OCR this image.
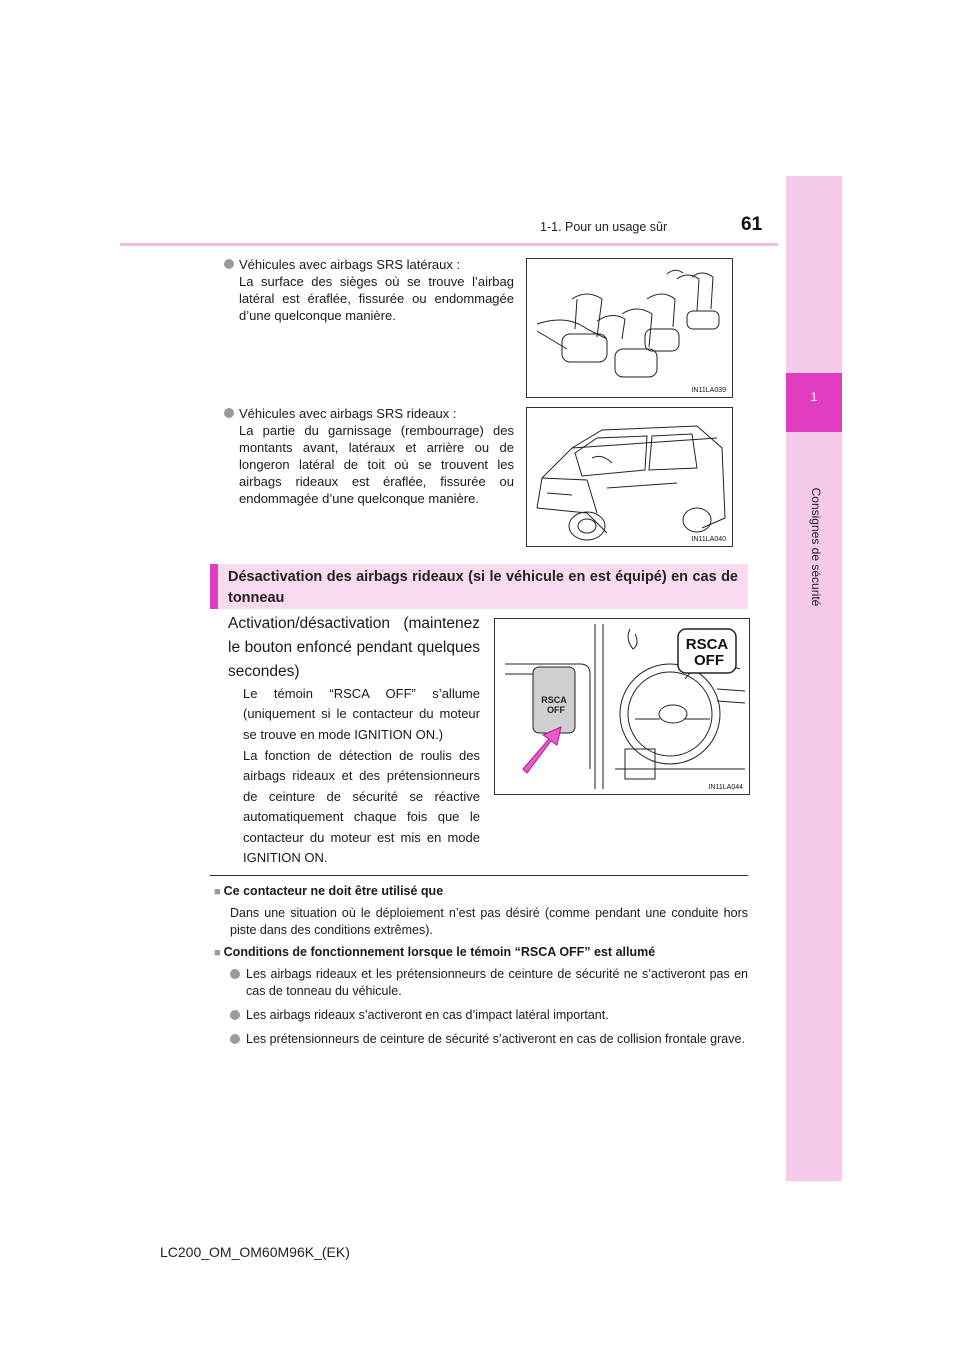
1
Consignes de sécurité
1-1. Pour un usage sûr	61
Véhicules avec airbags SRS latéraux :
La surface des sièges où se trouve l’airbag latéral est éraflée, fissurée ou endommagée d’une quelconque manière.
IN11LA039
Véhicules avec airbags SRS rideaux :
La partie du garnissage (rembourrage) des montants avant, latéraux et arrière ou de longeron latéral de toit où se trouvent les airbags rideaux est éraflée, fissurée ou endommagée d’une quelconque manière.
IN11LA040
Désactivation des airbags rideaux (si le véhicule en est équipé) en cas de tonneau
Activation/désactivation (maintenez le bouton enfoncé pendant quelques secondes)
Le témoin “RSCA OFF” s’allume (uniquement si le contacteur du moteur se trouve en mode IGNITION ON.)
La fonction de détection de roulis des airbags rideaux et des prétensionneurs de ceinture de sécurité se réactive automatiquement chaque fois que le contacteur du moteur est mis en mode IGNITION ON.
RSCA
OFF
RSCA
OFF
IN11LA044
■ Ce contacteur ne doit être utilisé que
Dans une situation où le déploiement n’est pas désiré (comme pendant une conduite hors piste dans des conditions extrêmes).
■ Conditions de fonctionnement lorsque le témoin “RSCA OFF” est allumé
Les airbags rideaux et les prétensionneurs de ceinture de sécurité ne s’activeront pas en cas de tonneau du véhicule.
Les airbags rideaux s’activeront en cas d’impact latéral important.
Les prétensionneurs de ceinture de sécurité s’activeront en cas de collision frontale grave.
LC200_OM_OM60M96K_(EK)
